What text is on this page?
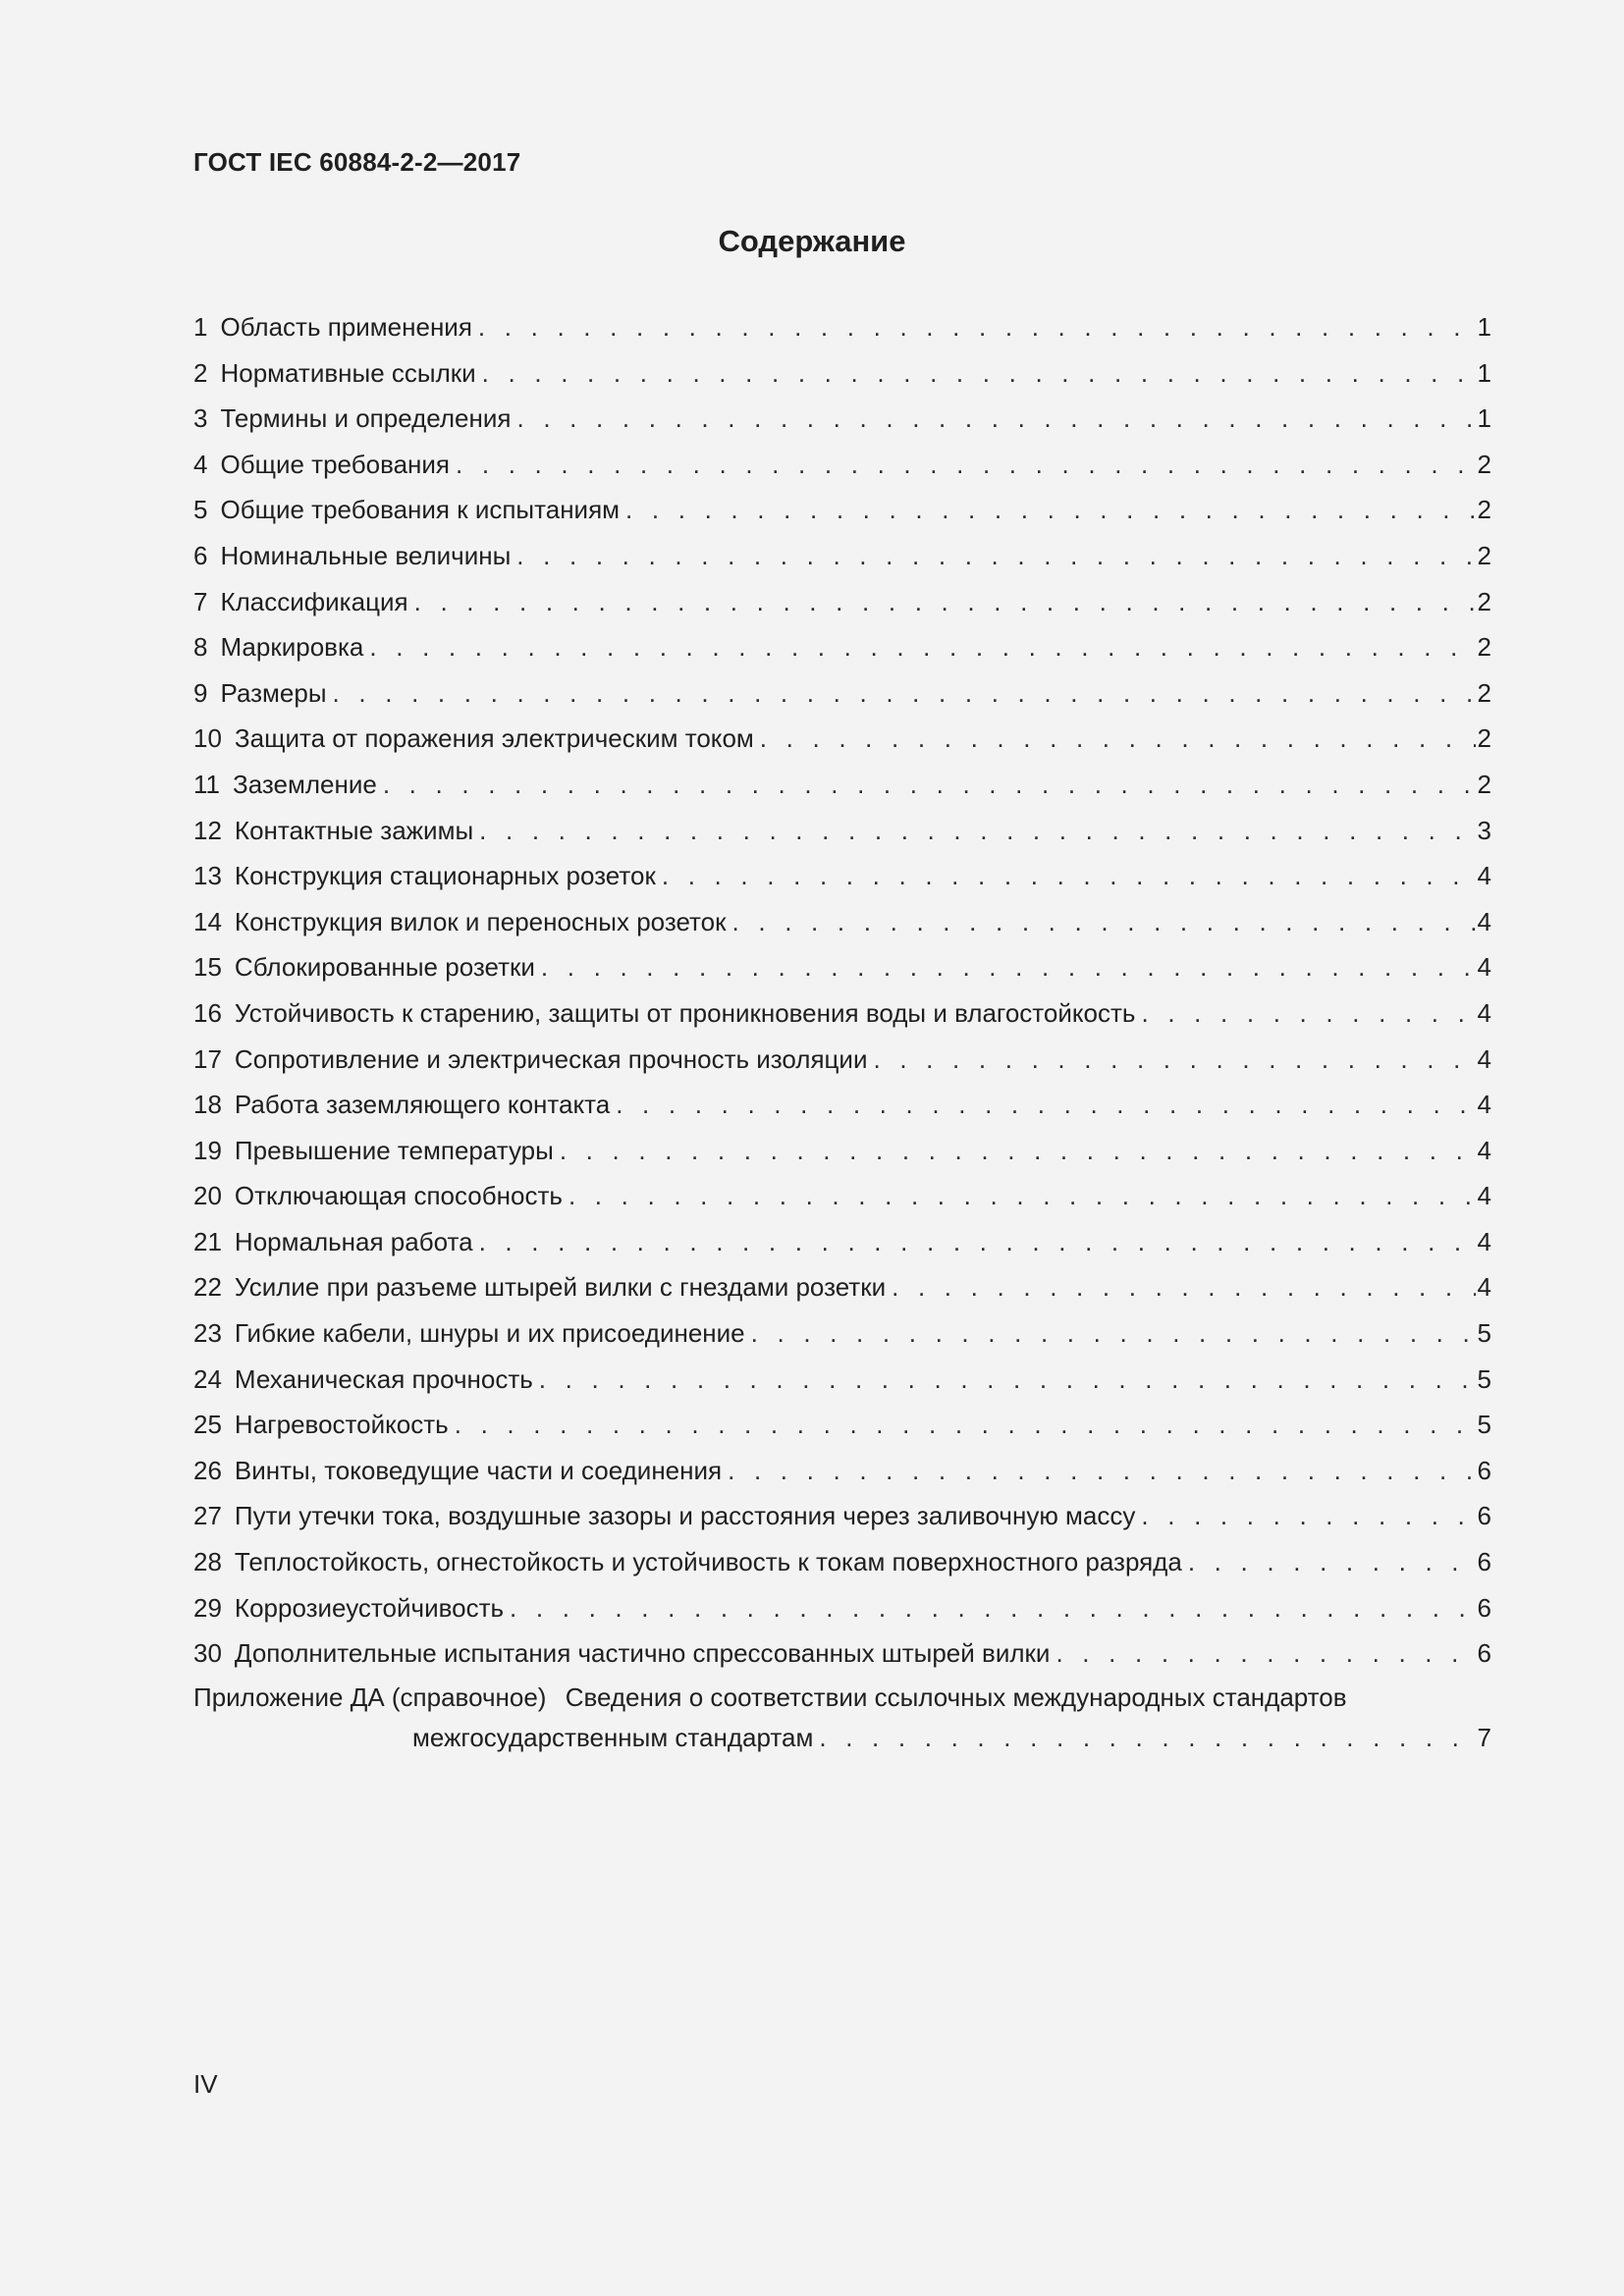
ГОСТ IEC 60884-2-2—2017
Содержание
1 Область применения . . .	1
2 Нормативные ссылки . . .	1
3 Термины и определения . . .	1
4 Общие требования . . .	2
5 Общие требования к испытаниям . . .	2
6 Номинальные величины . . .	2
7 Классификация . . .	2
8 Маркировка . . .	2
9 Размеры . . .	2
10 Защита от поражения электрическим током . . .	2
11 Заземление . . .	2
12 Контактные зажимы . . .	3
13 Конструкция стационарных розеток . . .	4
14 Конструкция вилок и переносных розеток . . .	4
15 Сблокированные розетки . . .	4
16 Устойчивость к старению, защиты от проникновения воды и влагостойкость . . .	4
17 Сопротивление и электрическая прочность изоляции . . .	4
18 Работа заземляющего контакта . . .	4
19 Превышение температуры . . .	4
20 Отключающая способность . . .	4
21 Нормальная работа . . .	4
22 Усилие при разъеме штырей вилки с гнездами розетки . . .	4
23 Гибкие кабели, шнуры и их присоединение . . .	5
24 Механическая прочность . . .	5
25 Нагревостойкость . . .	5
26 Винты, токоведущие части и соединения . . .	6
27 Пути утечки тока, воздушные зазоры и расстояния через заливочную массу . . .	6
28 Теплостойкость, огнестойкость и устойчивость к токам поверхностного разряда . . .	6
29 Коррозиеустойчивость . . .	6
30 Дополнительные испытания частично спрессованных штырей вилки . . .	6
Приложение ДА (справочное) Сведения о соответствии ссылочных международных стандартов
межгосударственным стандартам . . .	7
IV
